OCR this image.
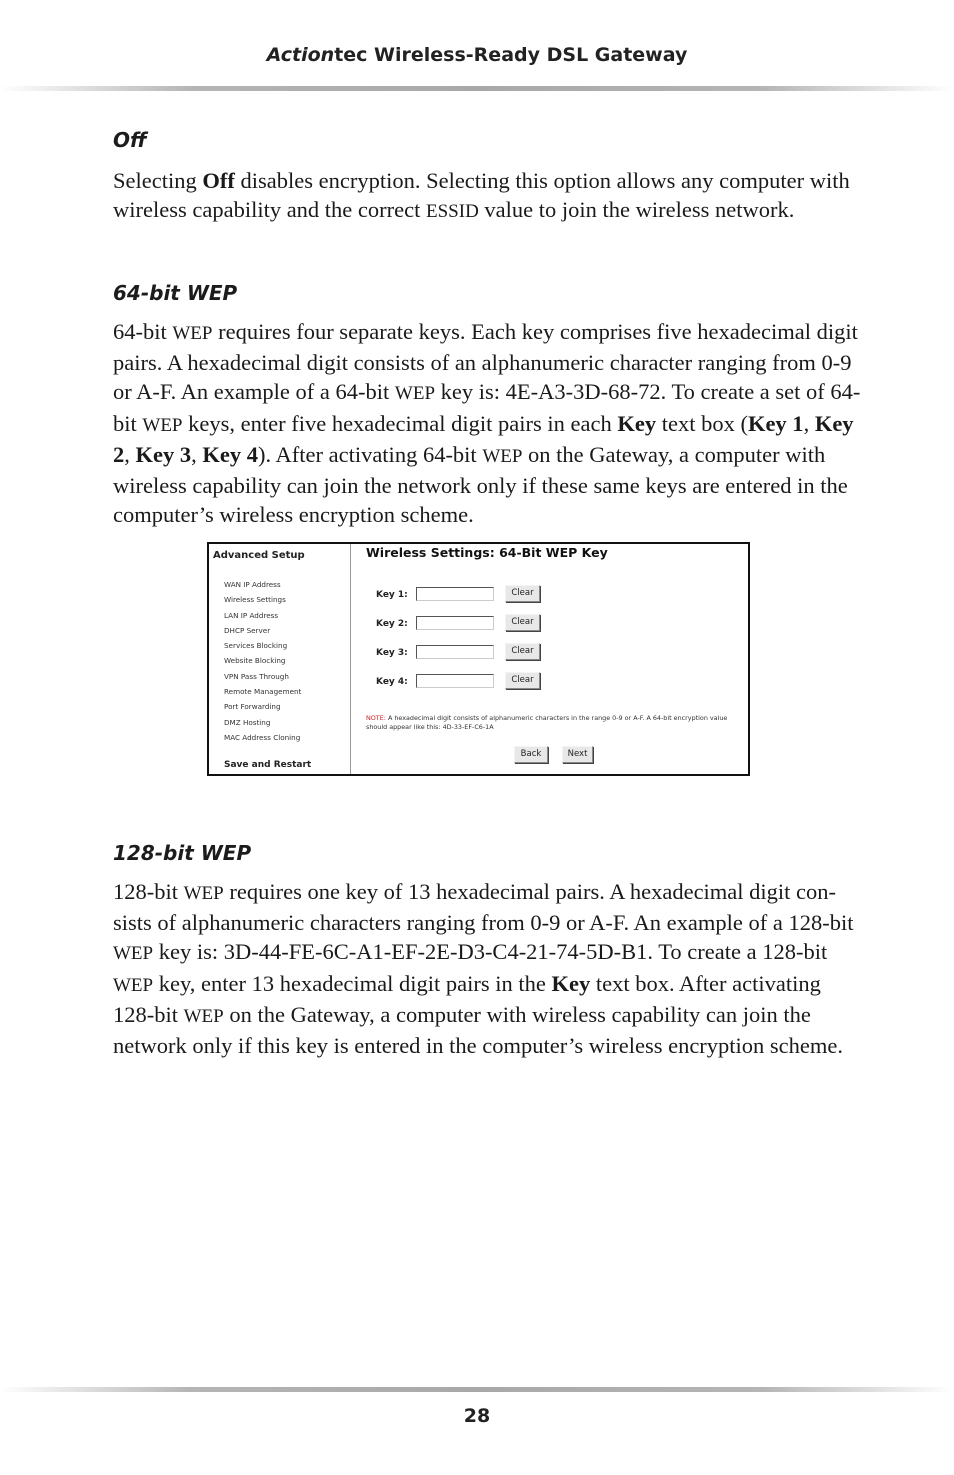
Actiontec Wireless-Ready DSL Gateway
Off

Selecting Off disables encryption. Selecting this option allows any computer with wireless capability and the correct ESSID value to join the wireless network.

64-bit WEP

64-bit WEP requires four separate keys. Each key comprises five hexadecimal digit pairs. A hexadecimal digit consists of an alphanumeric character ranging from 0-9 or A-F. An example of a 64-bit WEP key is: 4E-A3-3D-68-72. To create a set of 64-bit WEP keys, enter five hexadecimal digit pairs in each Key text box (Key 1, Key 2, Key 3, Key 4). After activating 64-bit WEP on the Gateway, a computer with wireless capability can join the network only if these same keys are entered in the computer’s wireless encryption scheme.

Advanced Setup
WAN IP Address
Wireless Settings
LAN IP Address
DHCP Server
Services Blocking
Website Blocking
VPN Pass Through
Remote Management
Port Forwarding
DMZ Hosting
MAC Address Cloning
Save and Restart
Wireless Settings: 64-Bit WEP Key
Key 1:	Clear
Key 2:	Clear
Key 3:	Clear
Key 4:	Clear
NOTE: A hexadecimal digit consists of alphanumeric characters in the range 0-9 or A-F. A 64-bit encryption value should appear like this: 4D-33-EF-C6-1A
Back	Next
128-bit WEP

128-bit WEP requires one key of 13 hexadecimal pairs. A hexadecimal digit con-sists of alphanumeric characters ranging from 0-9 or A-F. An example of a 128-bit WEP key is: 3D-44-FE-6C-A1-EF-2E-D3-C4-21-74-5D-B1. To create a 128-bit WEP key, enter 13 hexadecimal digit pairs in the Key text box. After activating 128-bit WEP on the Gateway, a computer with wireless capability can join the network only if this key is entered in the computer’s wireless encryption scheme.

28
